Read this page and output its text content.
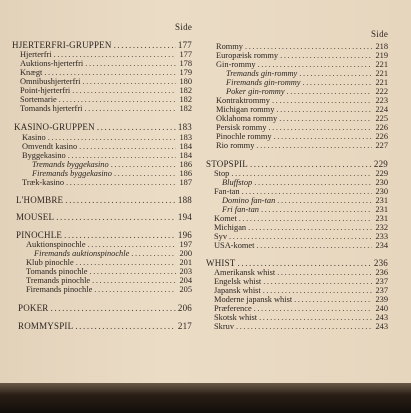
Side
Side
HJERTERFRI-GRUPPEN .....	177
Hjerterfri .....	177
Auktions-hjerterfri .....	178
Knægt .....	179
Omnibushjerterfri .....	180
Point-hjerterfri .....	182
Sortemarie .....	182
Tomands hjerterfri .....	182
KASINO-GRUPPEN .....	183
Kasino .....	183
Omvendt kasino .....	184
Byggekasino .....	184
Tremands byggekasino .....	186
Firemands byggekasino .....	186
Træk-kasino .....	187
L'HOMBRE .....	188
MOUSEL .....	194
PINOCHLE .....	196
Auktionspinochle .....	197
Firemands auktionspinochle .....	200
Klub pinochle .....	201
Tomands pinochle .....	203
Tremands pinochle .....	204
Firemands pinochle .....	205
POKER .....	206
ROMMYSPIL .....	217
Rommy .....	218
Europæisk rommy .....	219
Gin-rommy .....	221
Tremands gin-rommy .....	221
Firemands gin-rommy .....	221
Poker gin-rommy .....	222
Kontraktrommy .....	223
Michigan rommy .....	224
Oklahoma rommy .....	225
Persisk rommy .....	226
Pinochle rommy .....	226
Rio rommy .....	227
STOPSPIL .....	229
Stop .....	229
Bluffstop .....	230
Fan-tan .....	230
Domino fan-tan .....	231
Fri fan-tan .....	231
Komet .....	231
Michigan .....	232
Syv .....	233
USA-komet .....	234
WHIST .....	236
Amerikansk whist .....	236
Engelsk whist .....	237
Japansk whist .....	237
Moderne japansk whist .....	239
Præference .....	240
Skotsk whist .....	243
Skruv .....	243
